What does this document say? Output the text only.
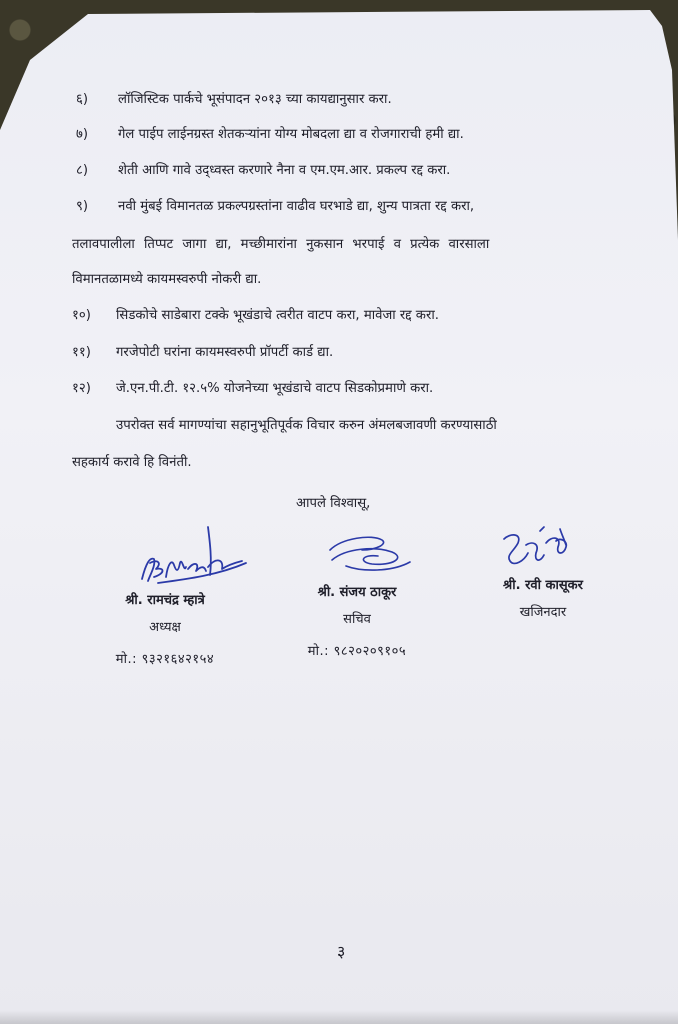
६) लॉजिस्टिक पार्कचे भूसंपादन २०१३ च्या कायद्यानुसार करा.
७) गेल पाईप लाईनग्रस्त शेतकऱ्यांना योग्य मोबदला द्या व रोजगाराची हमी द्या.
८) शेती आणि गावे उद्ध्वस्त करणारे नैना व एम.एम.आर. प्रकल्प रद्द करा.
९) नवी मुंबई विमानतळ प्रकल्पग्रस्तांना वाढीव घरभाडे द्या, शुन्य पात्रता रद्द करा,
तलावपालीला तिप्पट जागा द्या, मच्छीमारांना नुकसान भरपाई व प्रत्येक वारसाला
विमानतळामध्ये कायमस्वरुपी नोकरी द्या.
१०) सिडकोचे साडेबारा टक्के भूखंडाचे त्वरीत वाटप करा, मावेजा रद्द करा.
११) गरजेपोटी घरांना कायमस्वरुपी प्रॉपर्टी कार्ड द्या.
१२) जे.एन.पी.टी. १२.५% योजनेच्या भूखंडाचे वाटप सिडकोप्रमाणे करा.
उपरोक्त सर्व मागण्यांचा सहानुभूतिपूर्वक विचार करुन अंमलबजावणी करण्यासाठी
सहकार्य करावे हि विनंती.
आपले विश्वासू,
श्री. रामचंद्र म्हात्रे
अध्यक्ष
मो.: ९३२१६४२१५४
श्री. संजय ठाकूर
सचिव
मो.: ९८२०२०९१०५
श्री. रवी कासूकर
खजिनदार
३
